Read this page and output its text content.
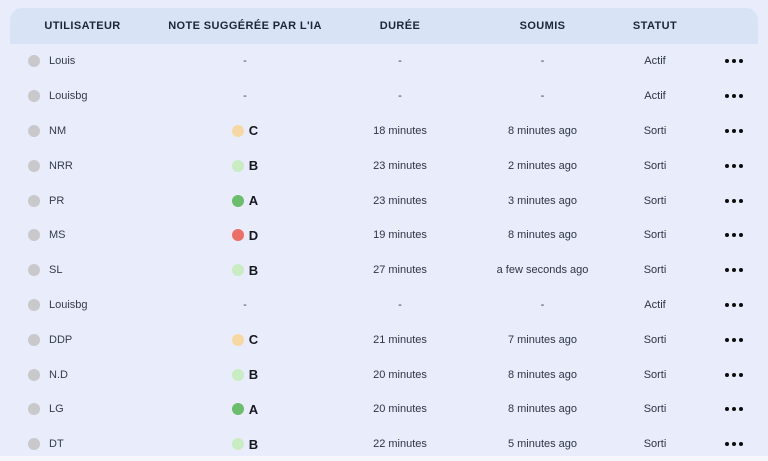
UTILISATEUR	NOTE SUGGÉRÉE PAR L'IA	DURÉE	SOUMIS	STATUT
Louis	-	-	-	Actif
Louisbg	-	-	-	Actif
NM	C	18 minutes	8 minutes ago	Sorti
NRR	B	23 minutes	2 minutes ago	Sorti
PR	A	23 minutes	3 minutes ago	Sorti
MS	D	19 minutes	8 minutes ago	Sorti
SL	B	27 minutes	a few seconds ago	Sorti
Louisbg	-	-	-	Actif
DDP	C	21 minutes	7 minutes ago	Sorti
N.D	B	20 minutes	8 minutes ago	Sorti
LG	A	20 minutes	8 minutes ago	Sorti
DT	B	22 minutes	5 minutes ago	Sorti
